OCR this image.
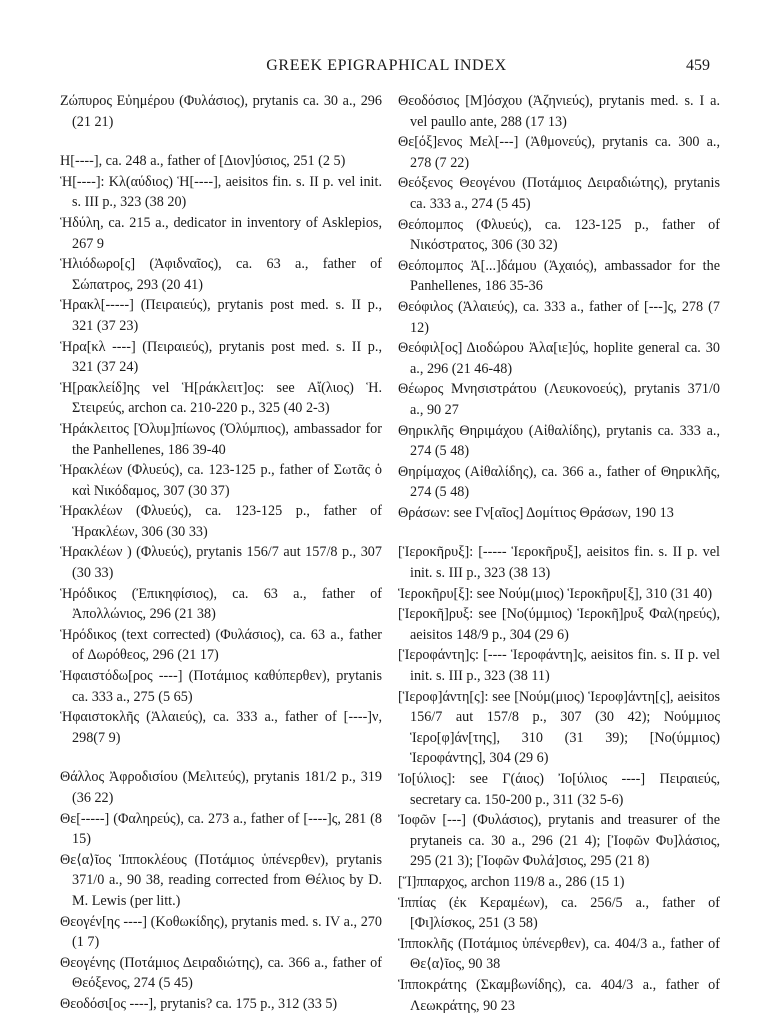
GREEK EPIGRAPHICAL INDEX	459

Ζώπυρος Εὐημέρου (Φυλάσιος), prytanis ca. 30 a., 296 (21 21)

Η[----], ca. 248 a., father of [Διον]ύσιος, 251 (2 5)

Ἡ[----]: Κλ(αύδιος) Ἡ[----], aeisitos fin. s. II p. vel init. s. III p., 323 (38 20)

Ἡδύλη, ca. 215 a., dedicator in inventory of Asklepios, 267 9

Ἡλιόδωρο[ς] (Ἀφιδναῖος), ca. 63 a., father of Σώπατρος, 293 (20 41)

Ἡρακλ[-----] (Πειραιεύς), prytanis post med. s. II p., 321 (37 23)

Ἡρα[κλ ----] (Πειραιεύς), prytanis post med. s. II p., 321 (37 24)

Ἡ[ρακλείδ]ης vel Ἡ[ράκλειτ]ος: see Αἴ(λιος) Ἡ. Στειρεύς, archon ca. 210-220 p., 325 (40 2-3)

Ἡράκλειτος [Ὀλυμ]πίωνος (Ὀλύμπιος), ambassador for the Panhellenes, 186 39-40

Ἡρακλέων (Φλυεύς), ca. 123-125 p., father of Σωτᾶς ὁ καὶ Νικόδαμος, 307 (30 37)

Ἡρακλέων (Φλυεύς), ca. 123-125 p., father of Ἡρακλέων, 306 (30 33)

Ἡρακλέων ) (Φλυεύς), prytanis 156/7 aut 157/8 p., 307 (30 33)

Ἡρόδικος (Ἐπικηφίσιος), ca. 63 a., father of Ἀπολλώνιος, 296 (21 38)

Ἡρόδικος (text corrected) (Φυλάσιος), ca. 63 a., father of Δωρόθεος, 296 (21 17)

Ἡφαιστόδω[ρος ----] (Ποτάμιος καθύπερθεν), prytanis ca. 333 a., 275 (5 65)

Ἡφαιστοκλῆς (Ἁλαιεύς), ca. 333 a., father of [----]ν, 298(7 9)

Θάλλος Ἀφροδισίου (Μελιτεύς), prytanis 181/2 p., 319 (36 22)

Θε[-----] (Φαληρεύς), ca. 273 a., father of [----]ς, 281 (8 15)

Θε⟨α⟩ῖος Ἱπποκλέους (Ποτάμιος ὑπένερθεν), prytanis 371/0 a., 90 38, reading corrected from Θέλιος by D. M. Lewis (per litt.)

Θεογέν[ης ----] (Κοθωκίδης), prytanis med. s. IV a., 270 (1 7)

Θεογένης (Ποτάμιος Δειραδιώτης), ca. 366 a., father of Θεόξενος, 274 (5 45)

Θεοδόσι[ος ----], prytanis? ca. 175 p., 312 (33 5)

Θεοδόσιος [Μ]όσχου (Ἀζηνιεύς), prytanis med. s. I a. vel paullo ante, 288 (17 13)

Θε[όξ]ενος Μελ[---] (Ἀθμονεύς), prytanis ca. 300 a., 278 (7 22)

Θεόξενος Θεογένου (Ποτάμιος Δειραδιώτης), prytanis ca. 333 a., 274 (5 45)

Θεόπομπος (Φλυεύς), ca. 123-125 p., father of Νικόστρατος, 306 (30 32)

Θεόπομπος Ἀ[...]δάμου (Ἀχαιός), ambassador for the Panhellenes, 186 35-36

Θεόφιλος (Ἁλαιεύς), ca. 333 a., father of [---]ς, 278 (7 12)

Θεόφιλ[ος] Διοδώρου Ἁλα[ιε]ύς, hoplite general ca. 30 a., 296 (21 46-48)

Θέωρος Μνησιστράτου (Λευκονοεύς), prytanis 371/0 a., 90 27

Θηρικλῆς Θηριμάχου (Αἰθαλίδης), prytanis ca. 333 a., 274 (5 48)

Θηρίμαχος (Αἰθαλίδης), ca. 366 a., father of Θηρικλῆς, 274 (5 48)

Θράσων: see Γν[αῖος] Δομίτιος Θράσων, 190 13

[Ἱεροκῆρυξ]: [----- Ἱεροκῆρυξ], aeisitos fin. s. II p. vel init. s. III p., 323 (38 13)

Ἱεροκῆρυ[ξ]: see Νούμ(μιος) Ἱεροκῆρυ[ξ], 310 (31 40)

[Ἱεροκῆ]ρυξ: see [Νο(ύμμιος) Ἱεροκῆ]ρυξ Φαλ(ηρεύς), aeisitos 148/9 p., 304 (29 6)

[Ἱεροφάντη]ς: [---- Ἱεροφάντη]ς, aeisitos fin. s. II p. vel init. s. III p., 323 (38 11)

[Ἱεροφ]άντη[ς]: see [Νούμ(μιος) Ἱεροφ]άντη[ς], aeisitos 156/7 aut 157/8 p., 307 (30 42); Νούμμιος Ἱερο[φ]άν[της], 310 (31 39); [Νο(ύμμιος) Ἱεροφάντης], 304 (29 6)

Ἰο[ύλιος]: see Γ(άιος) Ἰο[ύλιος ----] Πειραιεύς, secretary ca. 150-200 p., 311 (32 5-6)

Ἰοφῶν [---] (Φυλάσιος), prytanis and treasurer of the prytaneis ca. 30 a., 296 (21 4); [Ἰοφῶν Φυ]λάσιος, 295 (21 3); [Ἰοφῶν Φυλά]σιος, 295 (21 8)

[Ἵ]ππαρχος, archon 119/8 a., 286 (15 1)

Ἱππίας (ἐκ Κεραμέων), ca. 256/5 a., father of [Φι]λίσκος, 251 (3 58)

Ἱπποκλῆς (Ποτάμιος ὑπένερθεν), ca. 404/3 a., father of Θε⟨α⟩ῖος, 90 38

Ἱπποκράτης (Σκαμβωνίδης), ca. 404/3 a., father of Λεωκράτης, 90 23
